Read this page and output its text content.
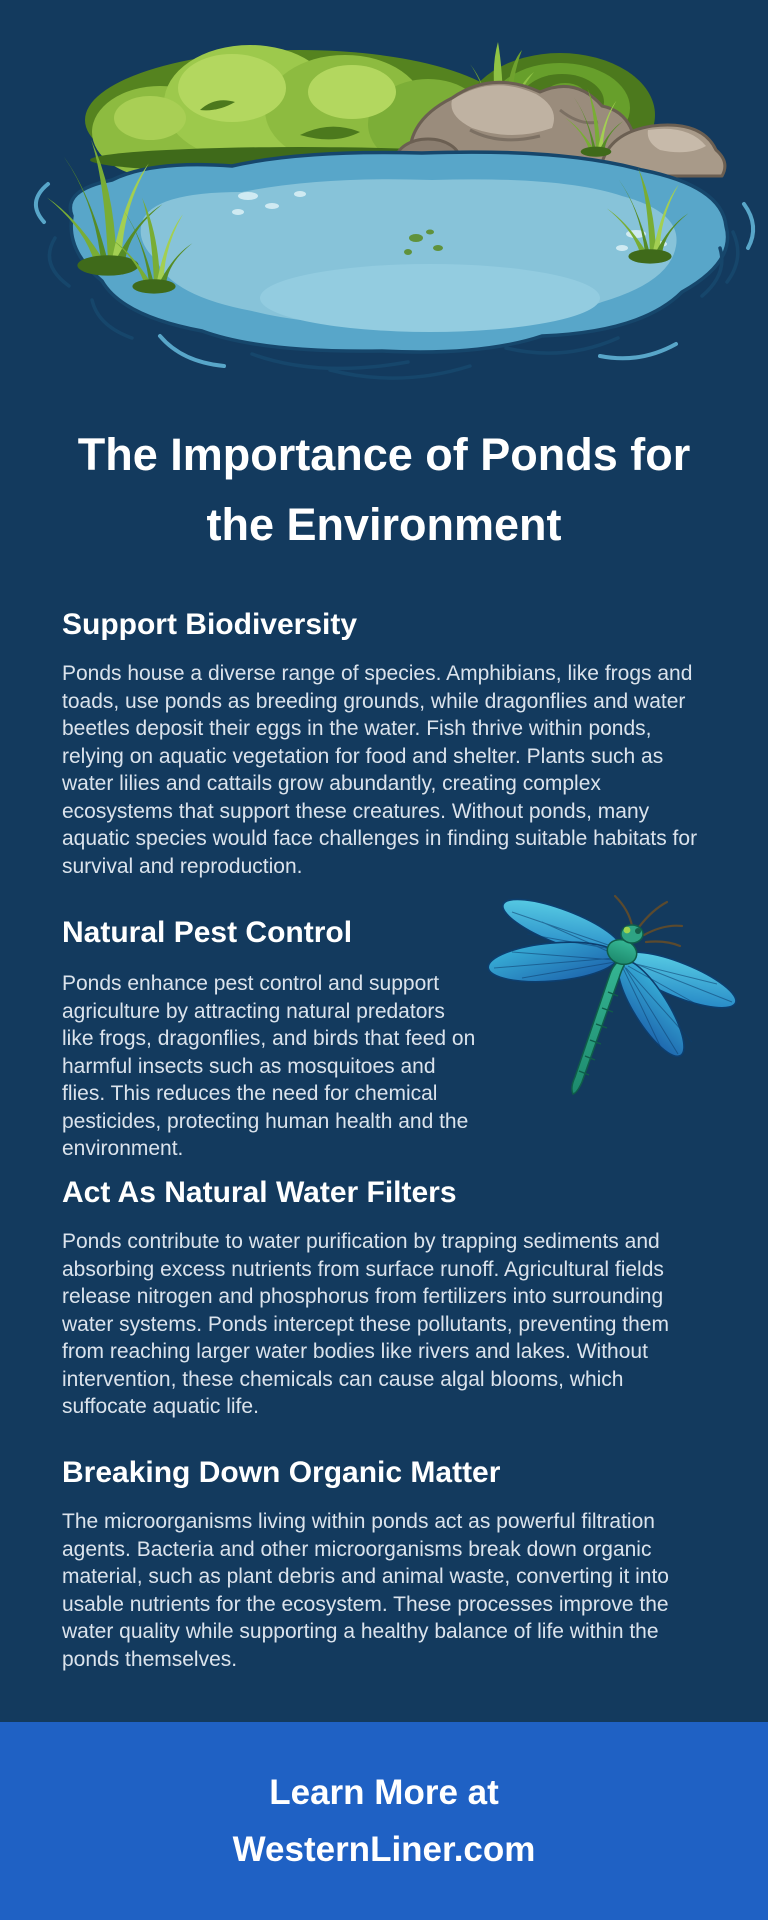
The Importance of Ponds for the Environment
Support Biodiversity

Ponds house a diverse range of species. Amphibians, like frogs and toads, use ponds as breeding grounds, while dragonflies and water beetles deposit their eggs in the water. Fish thrive within ponds, relying on aquatic vegetation for food and shelter. Plants such as water lilies and cattails grow abundantly, creating complex ecosystems that support these creatures. Without ponds, many aquatic species would face challenges in finding suitable habitats for survival and reproduction.

Natural Pest Control

Ponds enhance pest control and support agriculture by attracting natural predators like frogs, dragonflies, and birds that feed on harmful insects such as mosquitoes and flies. This reduces the need for chemical pesticides, protecting human health and the environment.

Act As Natural Water Filters

Ponds contribute to water purification by trapping sediments and absorbing excess nutrients from surface runoff. Agricultural fields release nitrogen and phosphorus from fertilizers into surrounding water systems. Ponds intercept these pollutants, preventing them from reaching larger water bodies like rivers and lakes. Without intervention, these chemicals can cause algal blooms, which suffocate aquatic life.

Breaking Down Organic Matter

The microorganisms living within ponds act as powerful filtration agents. Bacteria and other microorganisms break down organic material, such as plant debris and animal waste, converting it into usable nutrients for the ecosystem. These processes improve the water quality while supporting a healthy balance of life within the ponds themselves.

Learn More at WesternLiner.com
